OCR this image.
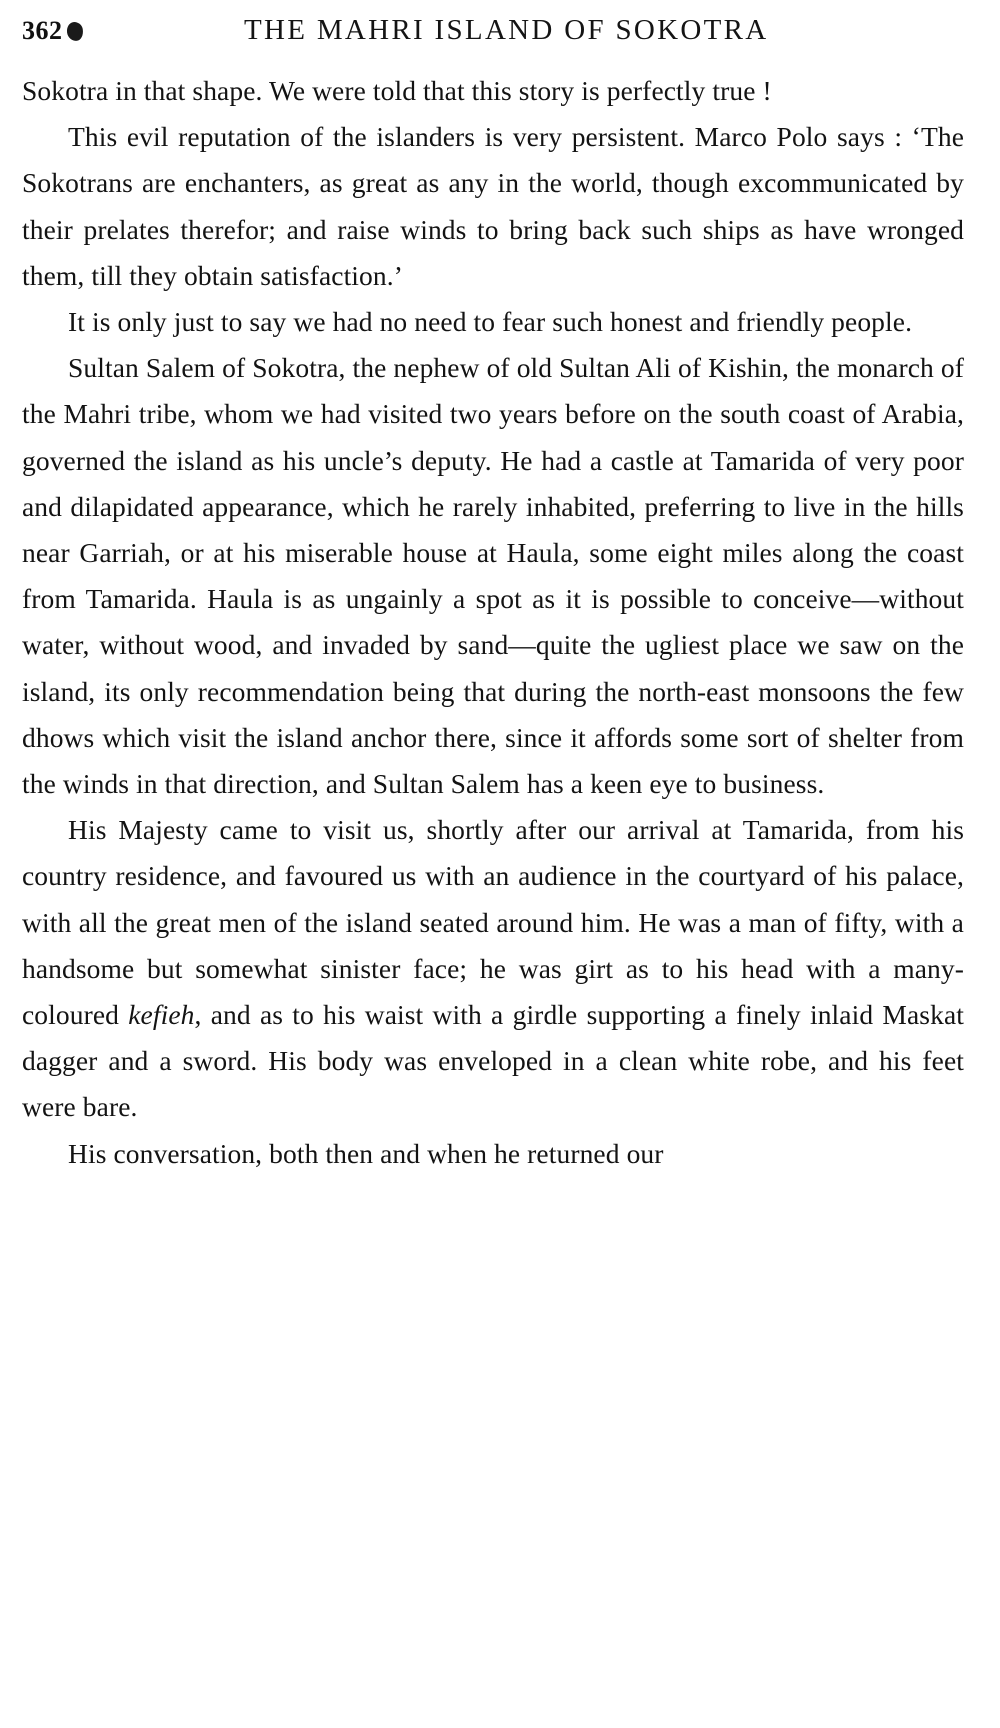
362	THE MAHRI ISLAND OF SOKOTRA

Sokotra in that shape. We were told that this story is perfectly true !

This evil reputation of the islanders is very persistent. Marco Polo says : ‘The Sokotrans are enchanters, as great as any in the world, though excommunicated by their prelates therefor; and raise winds to bring back such ships as have wronged them, till they obtain satisfaction.’

It is only just to say we had no need to fear such honest and friendly people.

Sultan Salem of Sokotra, the nephew of old Sultan Ali of Kishin, the monarch of the Mahri tribe, whom we had visited two years before on the south coast of Arabia, governed the island as his uncle’s deputy. He had a castle at Tamarida of very poor and dilapidated appearance, which he rarely inhabited, preferring to live in the hills near Garriah, or at his miserable house at Haula, some eight miles along the coast from Tamarida. Haula is as ungainly a spot as it is possible to conceive—without water, without wood, and invaded by sand—quite the ugliest place we saw on the island, its only recommendation being that during the north-east monsoons the few dhows which visit the island anchor there, since it affords some sort of shelter from the winds in that direction, and Sultan Salem has a keen eye to business.

His Majesty came to visit us, shortly after our arrival at Tamarida, from his country residence, and favoured us with an audience in the courtyard of his palace, with all the great men of the island seated around him. He was a man of fifty, with a handsome but somewhat sinister face; he was girt as to his head with a many-coloured kefieh, and as to his waist with a girdle supporting a finely inlaid Maskat dagger and a sword. His body was enveloped in a clean white robe, and his feet were bare.

His conversation, both then and when he returned our
